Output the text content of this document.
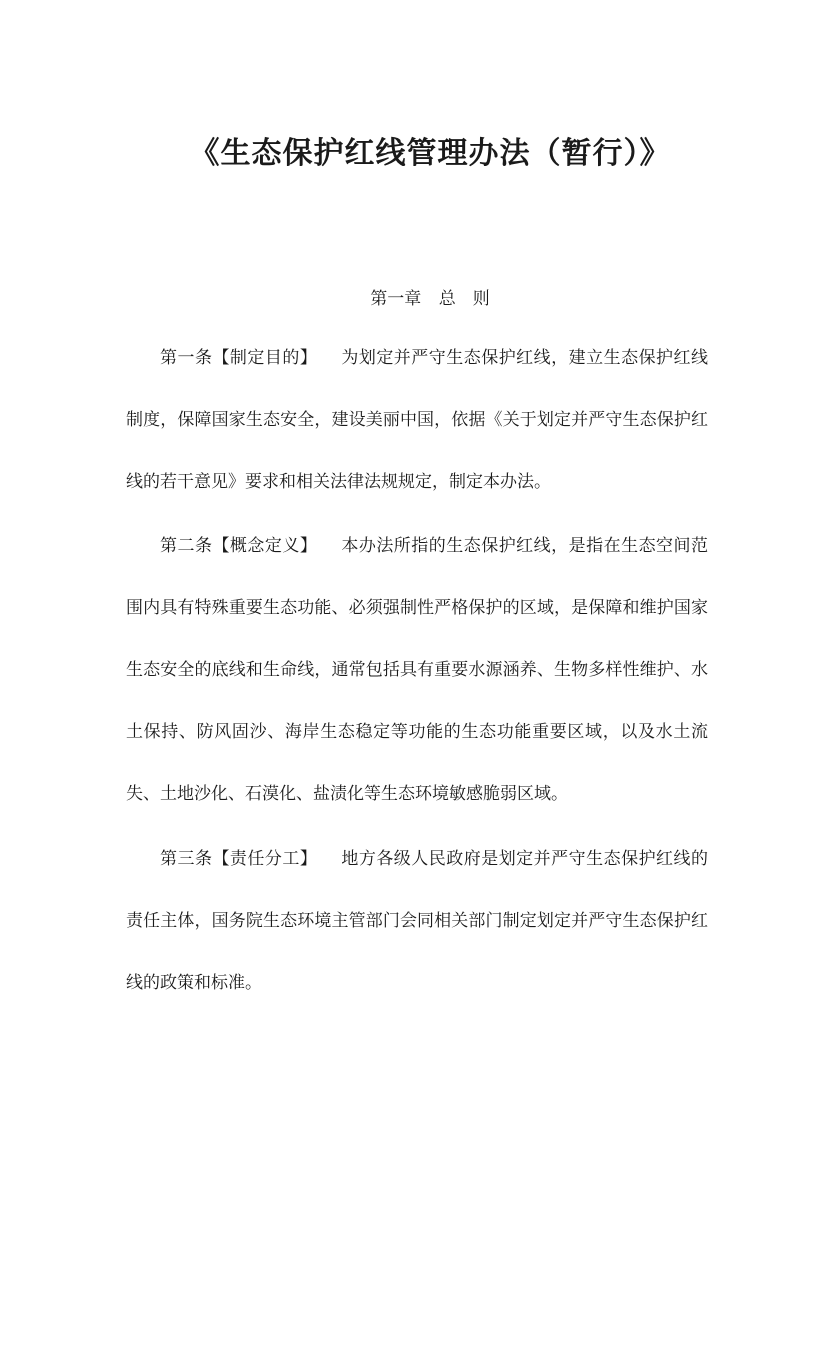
《生态保护红线管理办法（暂行）》
第一章 总　则

第一条【制定目的】 为划定并严守生态保护红线，建立生态保护红线制度，保障国家生态安全，建设美丽中国，依据《关于划定并严守生态保护红线的若干意见》要求和相关法律法规规定，制定本办法。

第二条【概念定义】 本办法所指的生态保护红线，是指在生态空间范围内具有特殊重要生态功能、必须强制性严格保护的区域，是保障和维护国家生态安全的底线和生命线，通常包括具有重要水源涵养、生物多样性维护、水土保持、防风固沙、海岸生态稳定等功能的生态功能重要区域，以及水土流失、土地沙化、石漠化、盐渍化等生态环境敏感脆弱区域。

第三条【责任分工】 地方各级人民政府是划定并严守生态保护红线的责任主体，国务院生态环境主管部门会同相关部门制定划定并严守生态保护红线的政策和标准。
